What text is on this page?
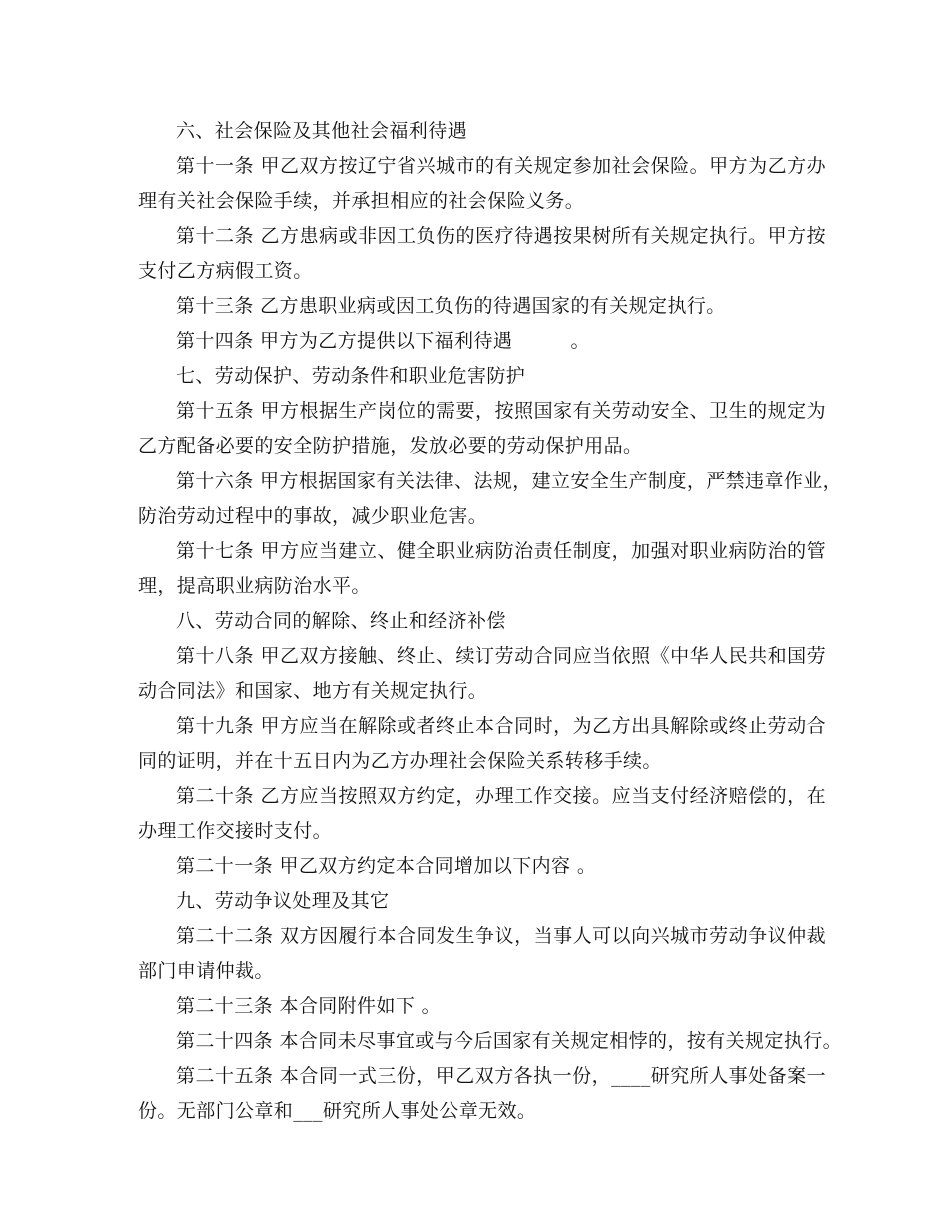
六、社会保险及其他社会福利待遇
第十一条 甲乙双方按辽宁省兴城市的有关规定参加社会保险。甲方为乙方办
理有关社会保险手续，并承担相应的社会保险义务。
第十二条 乙方患病或非因工负伤的医疗待遇按果树所有关规定执行。甲方按
支付乙方病假工资。
第十三条 乙方患职业病或因工负伤的待遇国家的有关规定执行。
第十四条 甲方为乙方提供以下福利待遇　　　。
七、劳动保护、劳动条件和职业危害防护
第十五条 甲方根据生产岗位的需要，按照国家有关劳动安全、卫生的规定为
乙方配备必要的安全防护措施，发放必要的劳动保护用品。
第十六条 甲方根据国家有关法律、法规，建立安全生产制度，严禁违章作业，
防治劳动过程中的事故，减少职业危害。
第十七条 甲方应当建立、健全职业病防治责任制度，加强对职业病防治的管
理，提高职业病防治水平。
八、劳动合同的解除、终止和经济补偿
第十八条 甲乙双方接触、终止、续订劳动合同应当依照《中华人民共和国劳
动合同法》和国家、地方有关规定执行。
第十九条 甲方应当在解除或者终止本合同时，为乙方出具解除或终止劳动合
同的证明，并在十五日内为乙方办理社会保险关系转移手续。
第二十条 乙方应当按照双方约定，办理工作交接。应当支付经济赔偿的，在
办理工作交接时支付。
第二十一条 甲乙双方约定本合同增加以下内容 。
九、劳动争议处理及其它
第二十二条 双方因履行本合同发生争议，当事人可以向兴城市劳动争议仲裁
部门申请仲裁。
第二十三条 本合同附件如下 。
第二十四条 本合同未尽事宜或与今后国家有关规定相悖的，按有关规定执行。
第二十五条 本合同一式三份，甲乙双方各执一份，____研究所人事处备案一
份。无部门公章和___研究所人事处公章无效。
